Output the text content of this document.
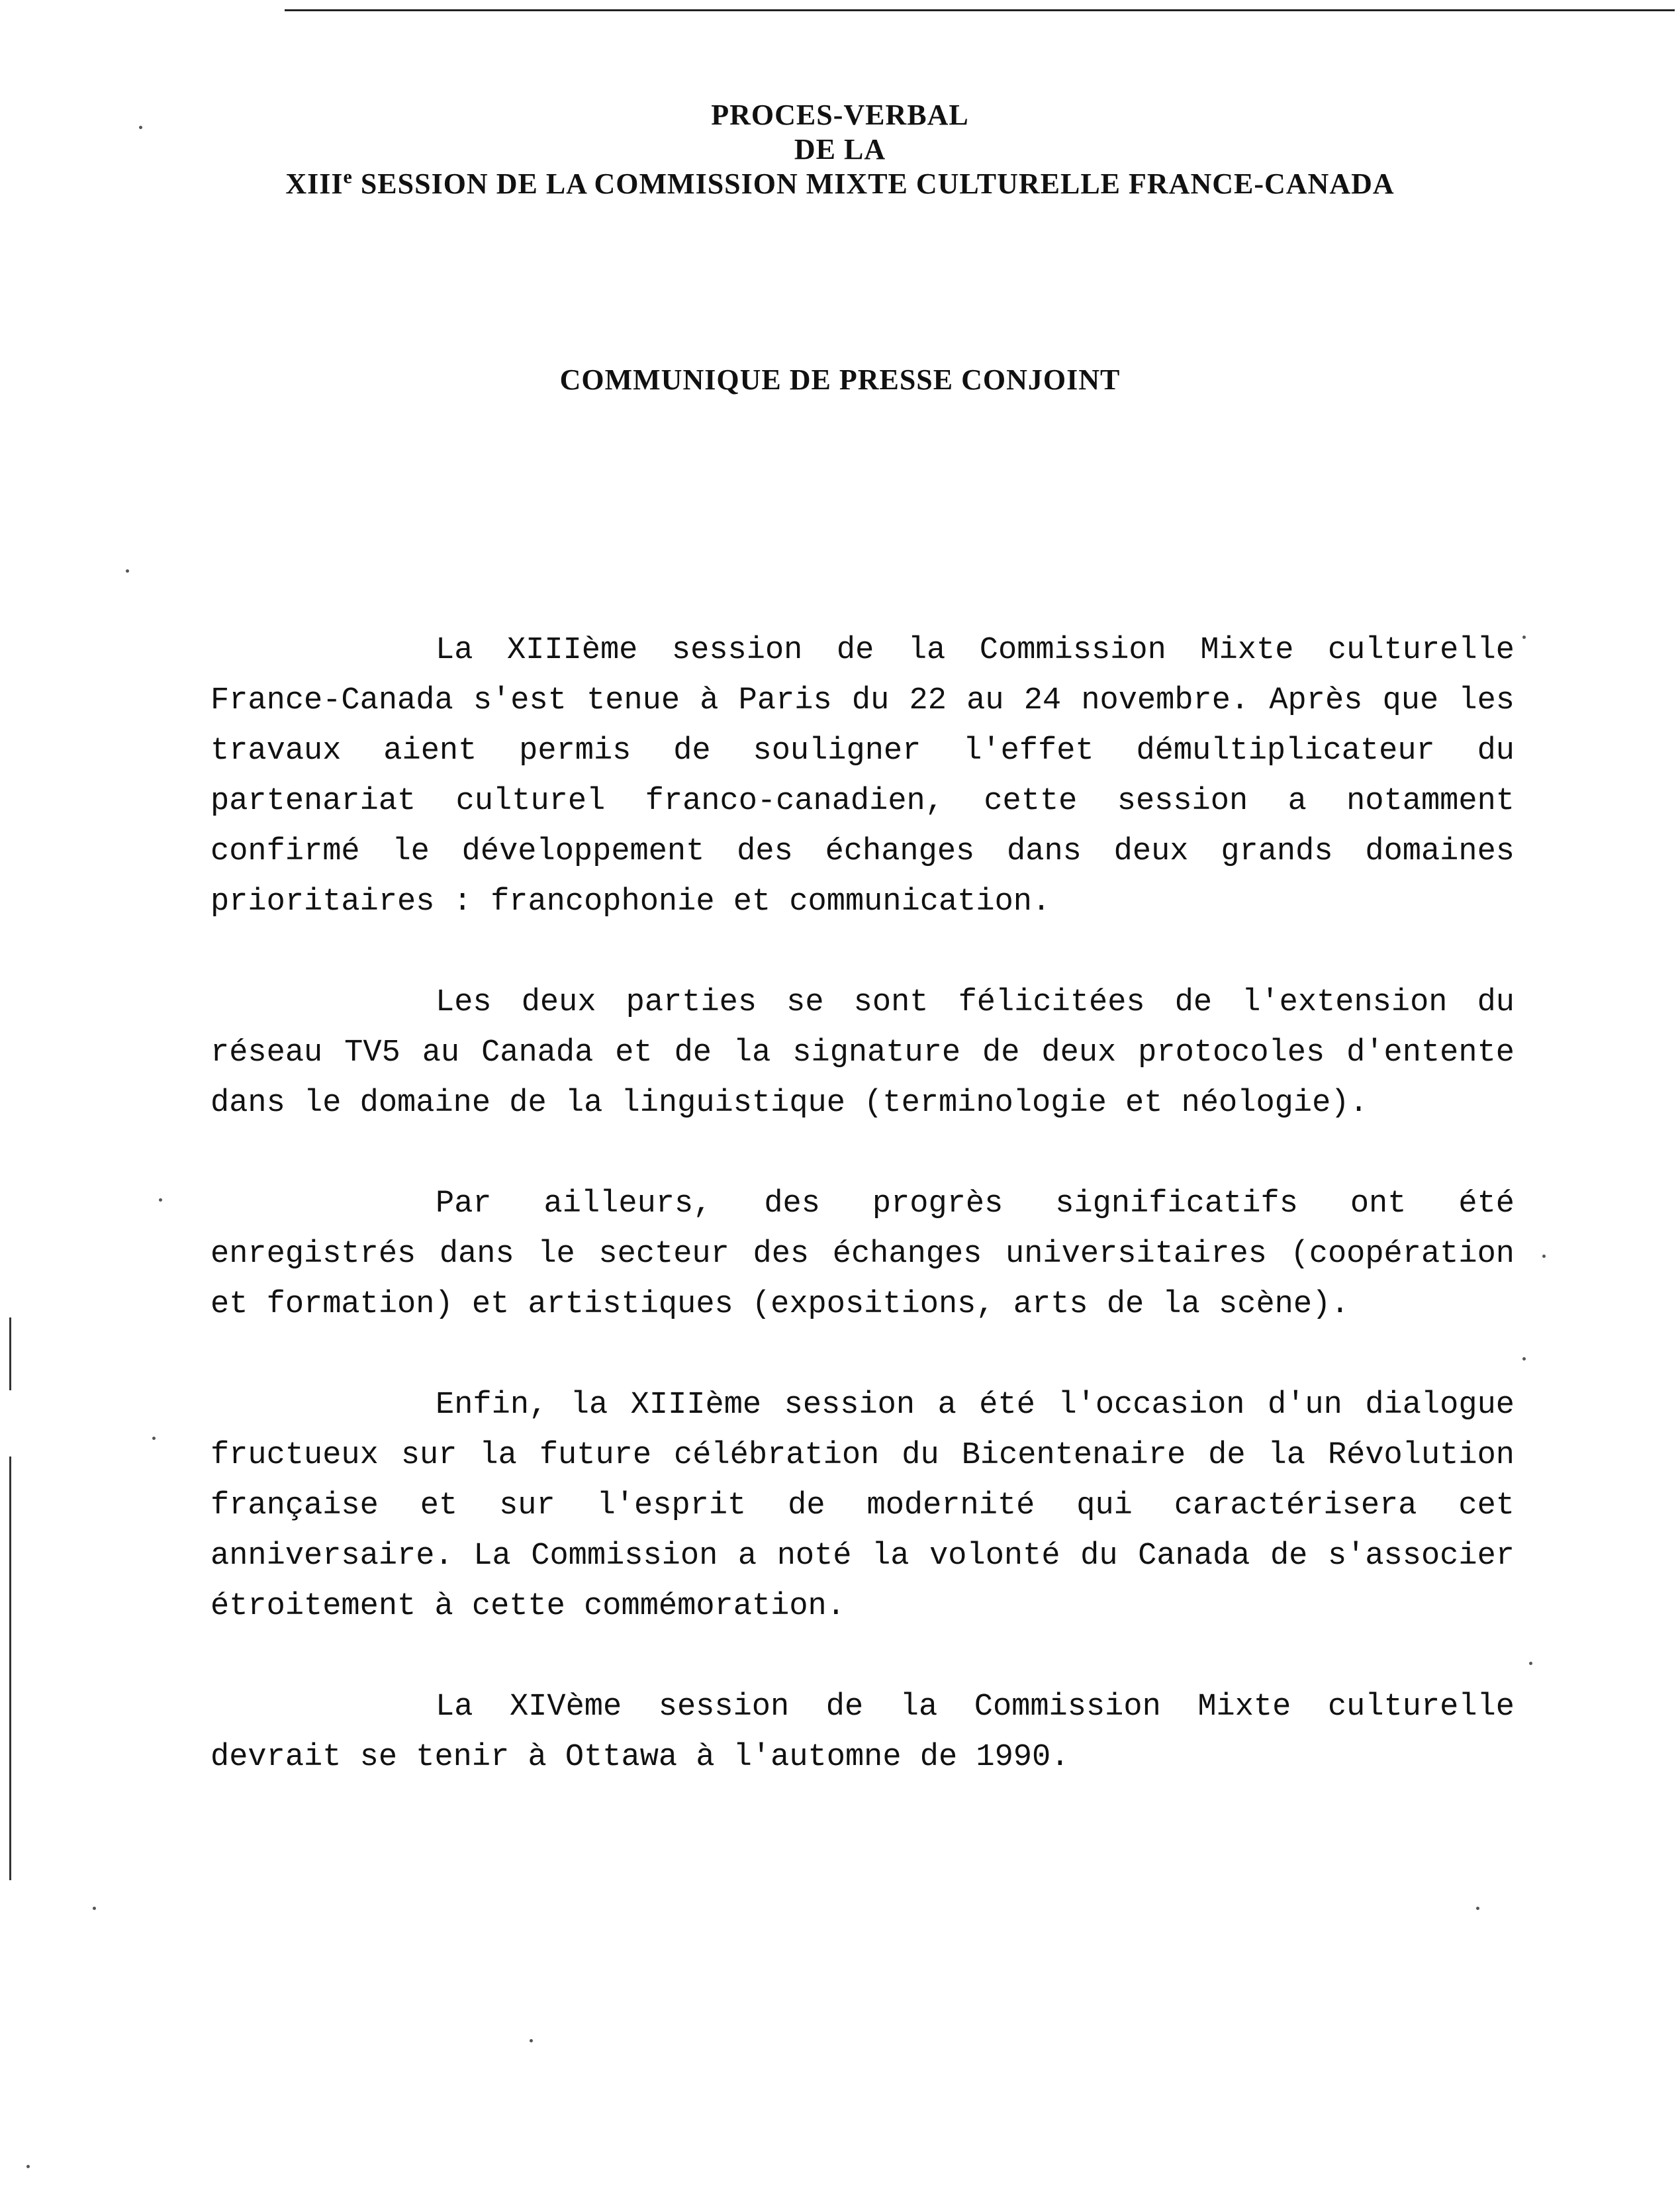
PROCES-VERBAL
DE LA
XIIIe SESSION DE LA COMMISSION MIXTE CULTURELLE FRANCE-CANADA
COMMUNIQUE DE PRESSE CONJOINT

La XIIIème session de la Commission Mixte culturelle France-Canada s'est tenue à Paris du 22 au 24 novembre. Après que les travaux aient permis de souligner l'effet démultiplicateur du partenariat culturel franco-canadien, cette session a notamment confirmé le développement des échanges dans deux grands domaines prioritaires : francophonie et communication.

Les deux parties se sont félicitées de l'extension du réseau TV5 au Canada et de la signature de deux protocoles d'entente dans le domaine de la linguistique (terminologie et néologie).

Par ailleurs, des progrès significatifs ont été enregistrés dans le secteur des échanges universitaires (coopération et formation) et artistiques (expositions, arts de la scène).

Enfin, la XIIIème session a été l'occasion d'un dialogue fructueux sur la future célébration du Bicentenaire de la Révolution française et sur l'esprit de modernité qui caractérisera cet anniversaire. La Commission a noté la volonté du Canada de s'associer étroitement à cette commémoration.

La XIVème session de la Commission Mixte culturelle devrait se tenir à Ottawa à l'automne de 1990.
